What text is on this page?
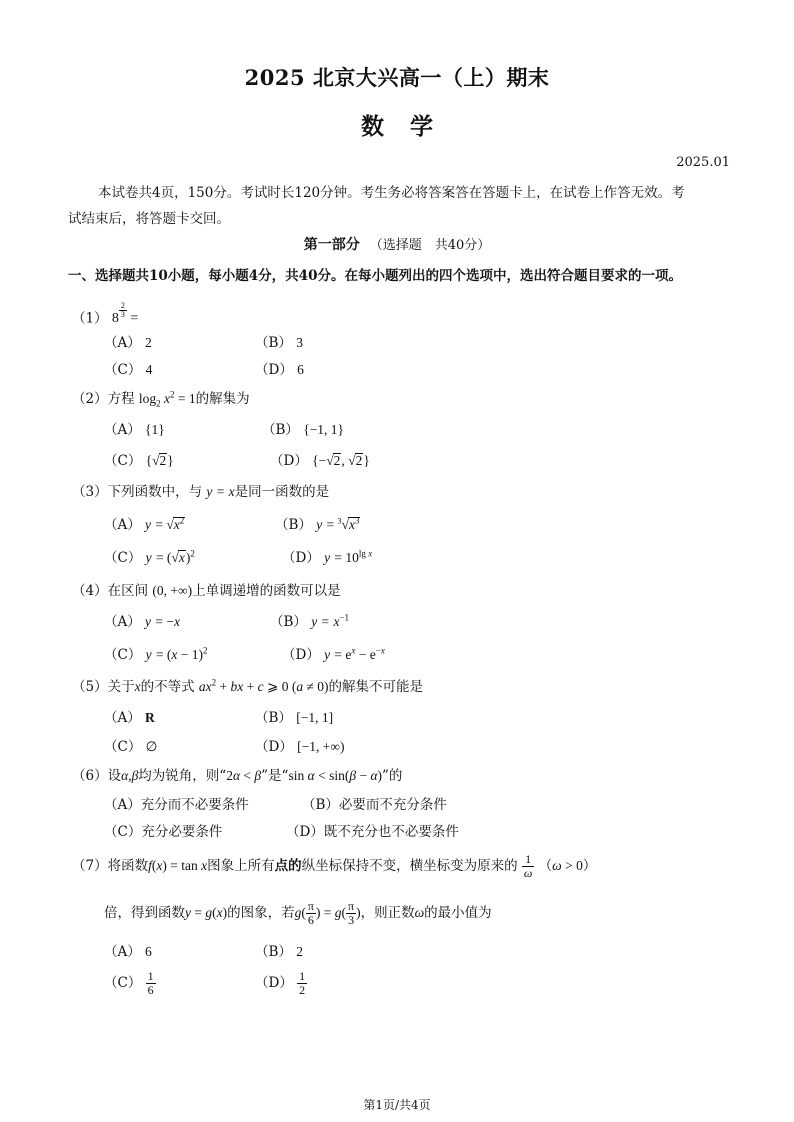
2025 北京大兴高一（上）期末
数学
2025.01
本试卷共4页，150分。考试时长120分钟。考生务必将答案答在答题卡上，在试卷上作答无效。考
试结束后，将答题卡交回。
第一部分 （选择题　共40分）
一、选择题共10小题，每小题4分，共40分。在每小题列出的四个选项中，选出符合题目要求的一项。
（1） 8 $^{\frac{2}{3}}$ =
（A） 2	（B） 3
（C） 4	（D） 6
（2）方程 $\log_2 x^2 = 1$的解集为
（A） {1}	（B） {−1, 1}
（C） {√2}	（D） {−√2, √2}
（3）下列函数中，与 y = x是同一函数的是
（A） $y = √x^2$	（B） $y = ^3√x^3$
（C） $y = (√x)^2$	（D） $y = 10^{lg x}$
（4）在区间 (0, +∞)上单调递增的函数可以是
（A） y = −x	（B） $y = x^{-1}$
（C） $y = (x - 1)^2$	（D） $y = e^x - e^{-x}$
（5）关于x的不等式 $ax^2$ + bx + c ⩾ 0 (a ≠ 0)的解集不可能是
（A） R	（B） [−1, 1]
（C） ∅	（D） [−1, +∞)
（6）设α,β均为锐角，则“2α < β”是“sin α < sin(β − α)”的
（A）充分而不必要条件	（B）必要而不充分条件
（C）充分必要条件	（D）既不充分也不必要条件
（7）将函数f(x) = tan x图象上所有点的纵坐标保持不变，横坐标变为原来的 $\frac{1}{\omega} (\omega > 0)$
倍，得到函数y = g(x)的图象，若$g( \frac{\pi}{6}$ ) = $g( \frac{\pi}{3}$ )，则正数ω的最小值为
（A） 6	（B） 2
$(C) \frac{1}{6}$	$(D) \frac{1}{2}$
第1页/共4页
